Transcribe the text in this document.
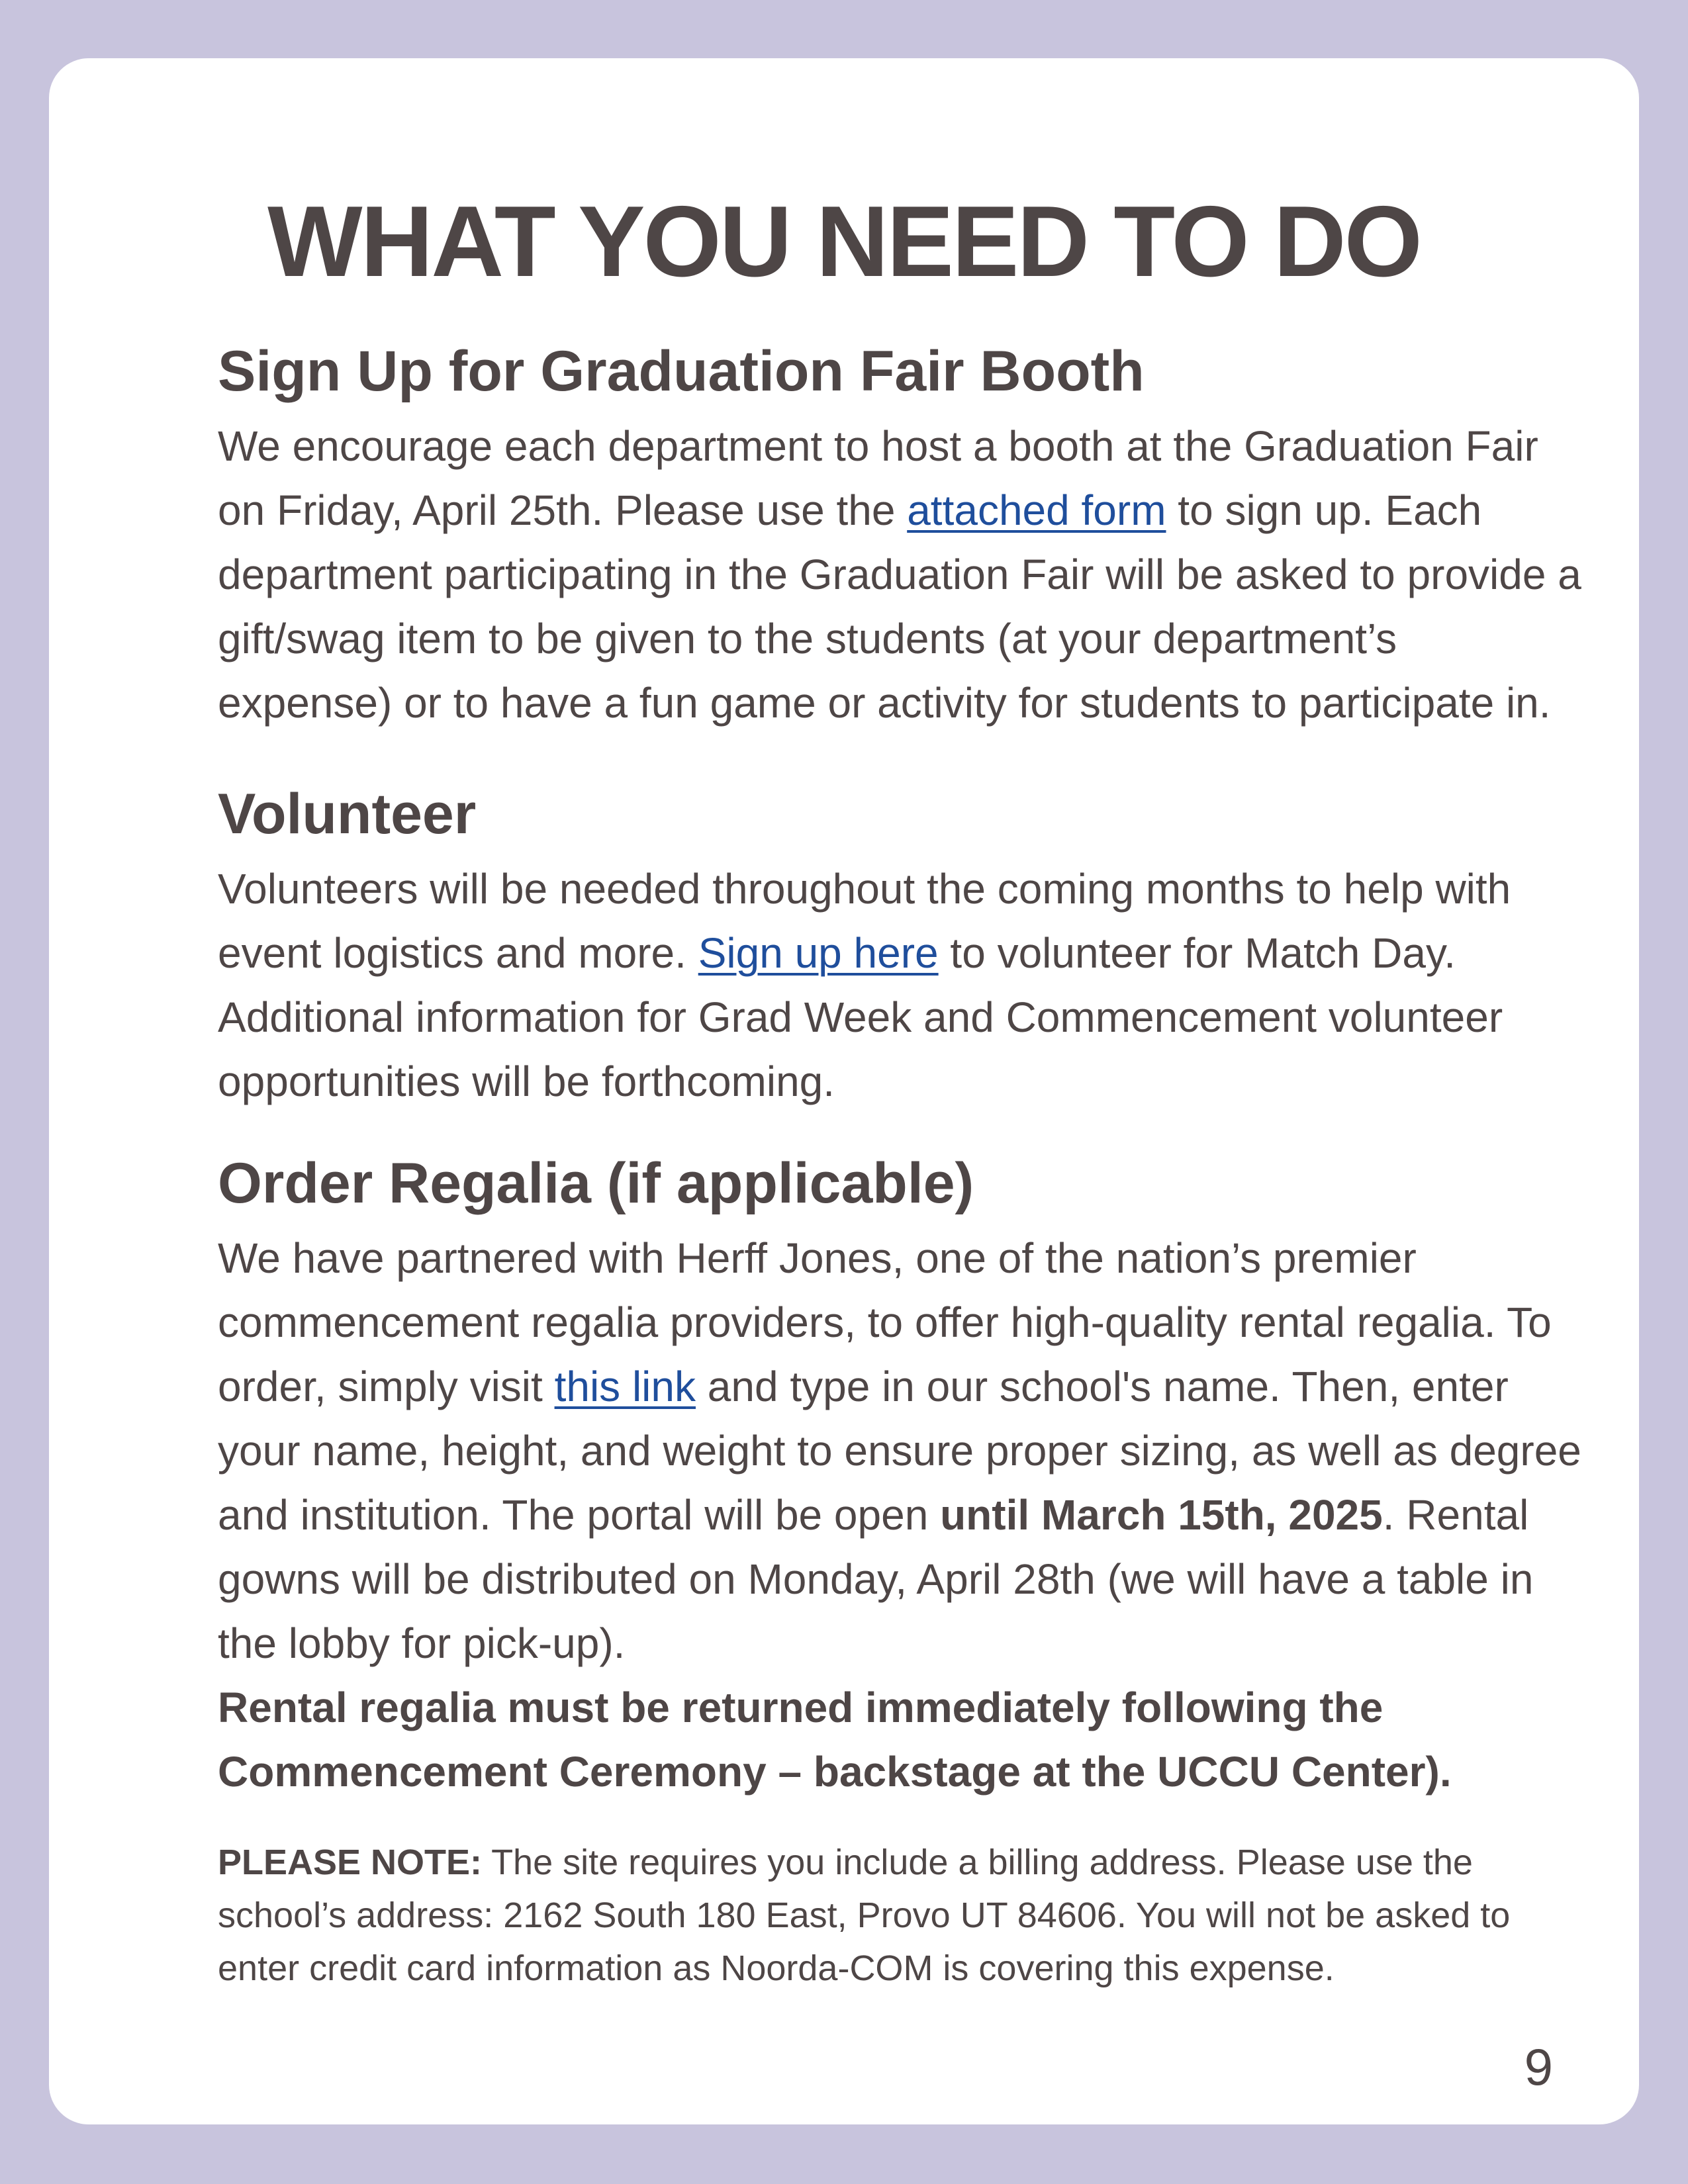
WHAT YOU NEED TO DO
Sign Up for Graduation Fair Booth

We encourage each department to host a booth at the Graduation Fair on Friday, April 25th. Please use the attached form to sign up. Each department participating in the Graduation Fair will be asked to provide a gift/swag item to be given to the students (at your department’s expense) or to have a fun game or activity for students to participate in.

Volunteer

Volunteers will be needed throughout the coming months to help with event logistics and more. Sign up here to volunteer for Match Day. Additional information for Grad Week and Commencement volunteer opportunities will be forthcoming.

Order Regalia (if applicable)

We have partnered with Herff Jones, one of the nation’s premier commencement regalia providers, to offer high-quality rental regalia. To order, simply visit this link and type in our school's name. Then, enter your name, height, and weight to ensure proper sizing, as well as degree and institution. The portal will be open until March 15th, 2025. Rental gowns will be distributed on Monday, April 28th (we will have a table in the lobby for pick-up).
Rental regalia must be returned immediately following the Commencement Ceremony – backstage at the UCCU Center).

PLEASE NOTE: The site requires you include a billing address. Please use the school’s address: 2162 South 180 East, Provo UT 84606. You will not be asked to enter credit card information as Noorda-COM is covering this expense.

9
